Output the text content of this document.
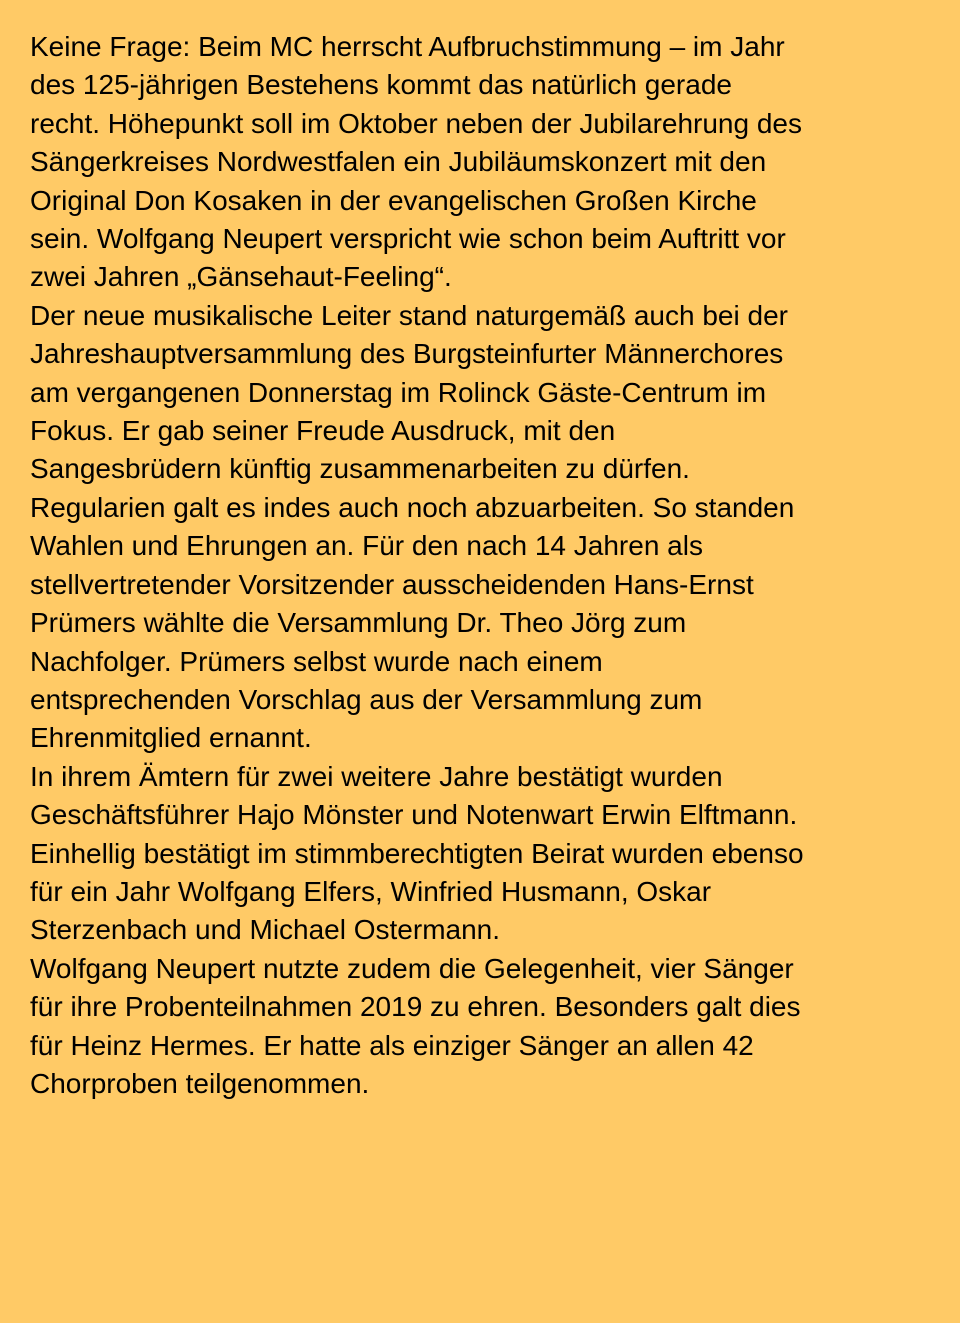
Keine Frage: Beim MC herrscht Aufbruchstimmung – im Jahr
des 125-jährigen Bestehens kommt das natürlich gerade
recht. Höhepunkt soll im Oktober neben der Jubilarehrung des
Sängerkreises Nordwestfalen ein Jubiläumskonzert mit den
Original Don Kosaken in der evangelischen Großen Kirche
sein. Wolfgang Neupert verspricht wie schon beim Auftritt vor
zwei Jahren „Gänsehaut-Feeling“.
Der neue musikalische Leiter stand naturgemäß auch bei der
Jahreshauptversammlung des Burgsteinfurter Männerchores
am vergangenen Donnerstag im Rolinck Gäste-Centrum im
Fokus. Er gab seiner Freude Ausdruck, mit den
Sangesbrüdern künftig zusammenarbeiten zu dürfen.
Regularien galt es indes auch noch abzuarbeiten. So standen
Wahlen und Ehrungen an. Für den nach 14 Jahren als
stellvertretender Vorsitzender ausscheidenden Hans-Ernst
Prümers wählte die Versammlung Dr. Theo Jörg zum
Nachfolger. Prümers selbst wurde nach einem
entsprechenden Vorschlag aus der Versammlung zum
Ehrenmitglied ernannt.
In ihrem Ämtern für zwei weitere Jahre bestätigt wurden
Geschäftsführer Hajo Mönster und Notenwart Erwin Elftmann.
Einhellig bestätigt im stimmberechtigten Beirat wurden ebenso
für ein Jahr Wolfgang Elfers, Winfried Husmann, Oskar
Sterzenbach und Michael Ostermann.
Wolfgang Neupert nutzte zudem die Gelegenheit, vier Sänger
für ihre Probenteilnahmen 2019 zu ehren. Besonders galt dies
für Heinz Hermes. Er hatte als einziger Sänger an allen 42
Chorproben teilgenommen.
